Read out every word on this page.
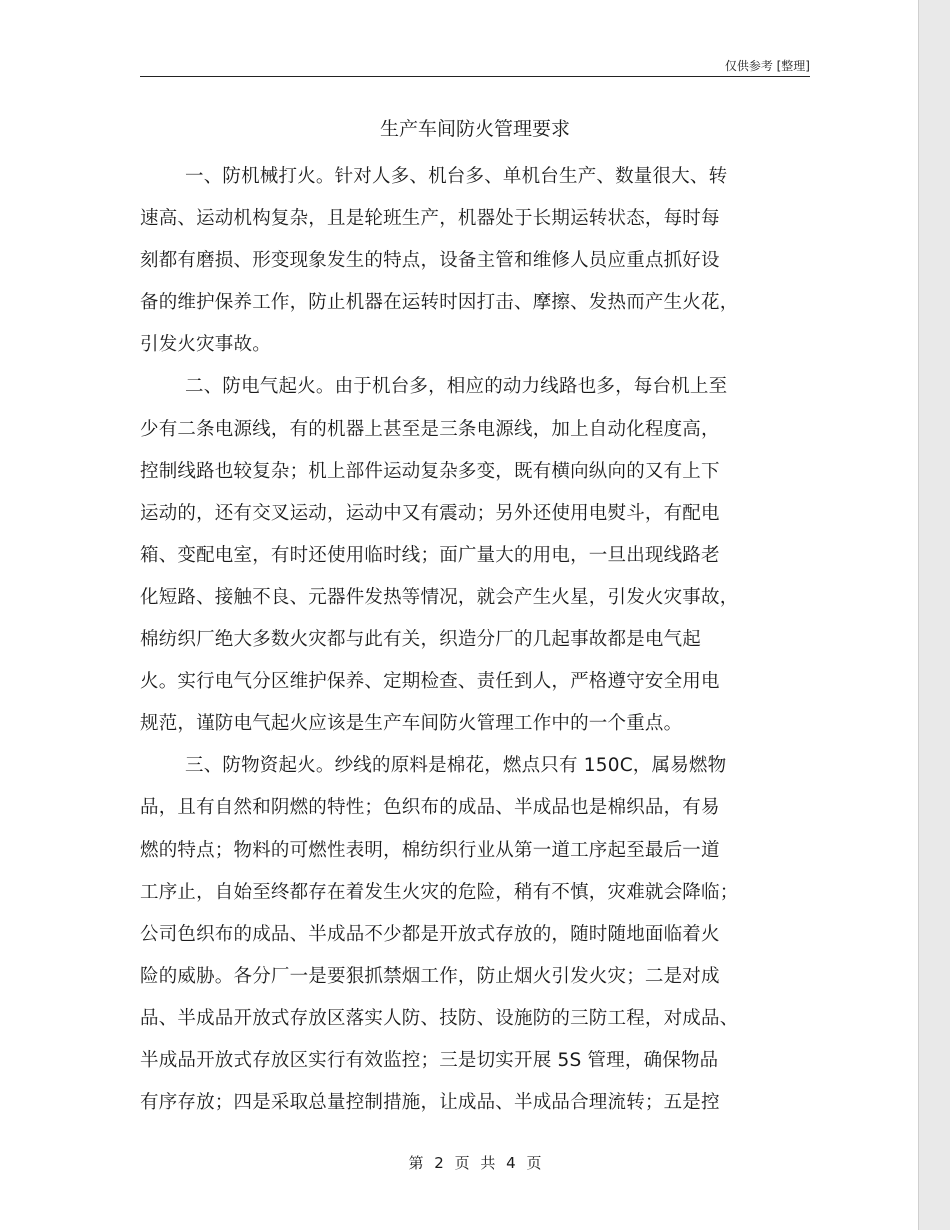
仅供参考 [整理]
生产车间防火管理要求
一、防机械打火。针对人多、机台多、单机台生产、数量很大、转
速高、运动机构复杂，且是轮班生产，机器处于长期运转状态，每时每
刻都有磨损、形变现象发生的特点，设备主管和维修人员应重点抓好设
备的维护保养工作，防止机器在运转时因打击、摩擦、发热而产生火花，
引发火灾事故。
二、防电气起火。由于机台多，相应的动力线路也多，每台机上至
少有二条电源线，有的机器上甚至是三条电源线，加上自动化程度高，
控制线路也较复杂；机上部件运动复杂多变，既有横向纵向的又有上下
运动的，还有交叉运动，运动中又有震动；另外还使用电熨斗，有配电
箱、变配电室，有时还使用临时线；面广量大的用电，一旦出现线路老
化短路、接触不良、元器件发热等情况，就会产生火星，引发火灾事故，
棉纺织厂绝大多数火灾都与此有关，织造分厂的几起事故都是电气起
火。实行电气分区维护保养、定期检查、责任到人，严格遵守安全用电
规范，谨防电气起火应该是生产车间防火管理工作中的一个重点。
三、防物资起火。纱线的原料是棉花，燃点只有 150C，属易燃物
品，且有自然和阴燃的特性；色织布的成品、半成品也是棉织品，有易
燃的特点；物料的可燃性表明，棉纺织行业从第一道工序起至最后一道
工序止，自始至终都存在着发生火灾的危险，稍有不慎，灾难就会降临；
公司色织布的成品、半成品不少都是开放式存放的，随时随地面临着火
险的威胁。各分厂一是要狠抓禁烟工作，防止烟火引发火灾；二是对成
品、半成品开放式存放区落实人防、技防、设施防的三防工程，对成品、
半成品开放式存放区实行有效监控；三是切实开展 5S 管理，确保物品
有序存放；四是采取总量控制措施，让成品、半成品合理流转；五是控
第 2 页 共 4 页
